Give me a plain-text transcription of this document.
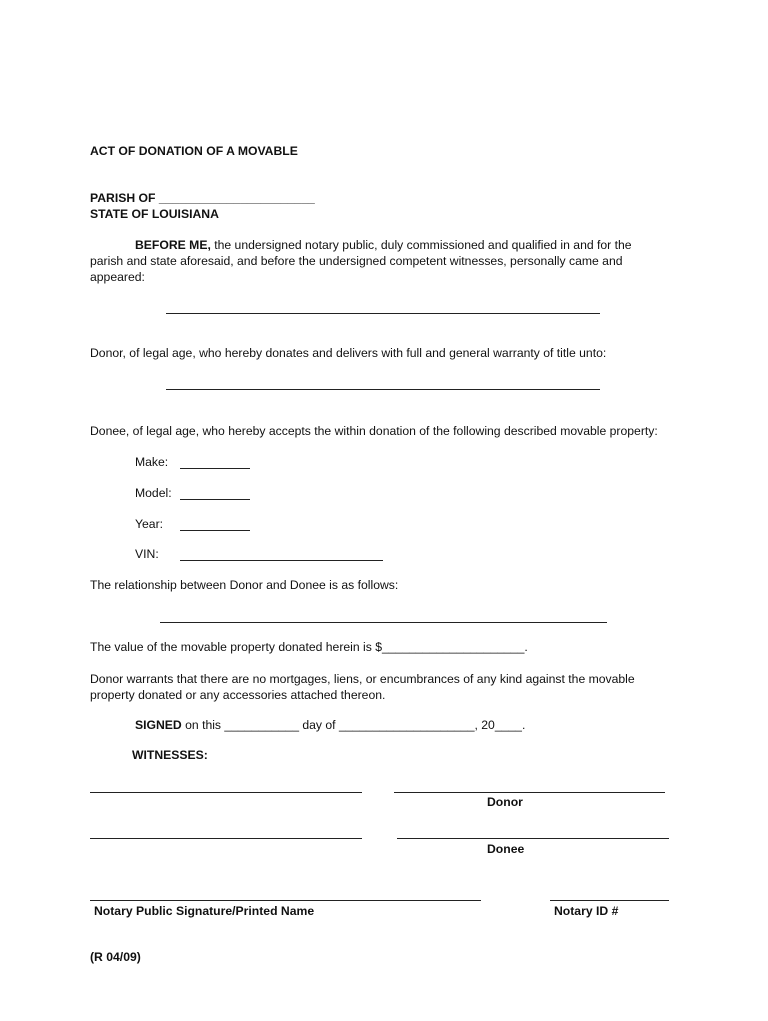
ACT OF DONATION OF A MOVABLE
PARISH OF _______________________
STATE OF LOUISIANA
BEFORE ME, the undersigned notary public, duly commissioned and qualified in and for the parish and state aforesaid, and before the undersigned competent witnesses, personally came and appeared:
Donor, of legal age, who hereby donates and delivers with full and general warranty of title unto:
Donee, of legal age, who hereby accepts the within donation of the following described movable property:
Make:
Model:
Year:
VIN:
The relationship between Donor and Donee is as follows:
The value of the movable property donated herein is $_____________________.
Donor warrants that there are no mortgages, liens, or encumbrances of any kind against the movable property donated or any accessories attached thereon.
SIGNED on this ___________ day of ____________________, 20____.
WITNESSES:
Donor
Donee
Notary Public Signature/Printed Name	Notary ID #
(R 04/09)
